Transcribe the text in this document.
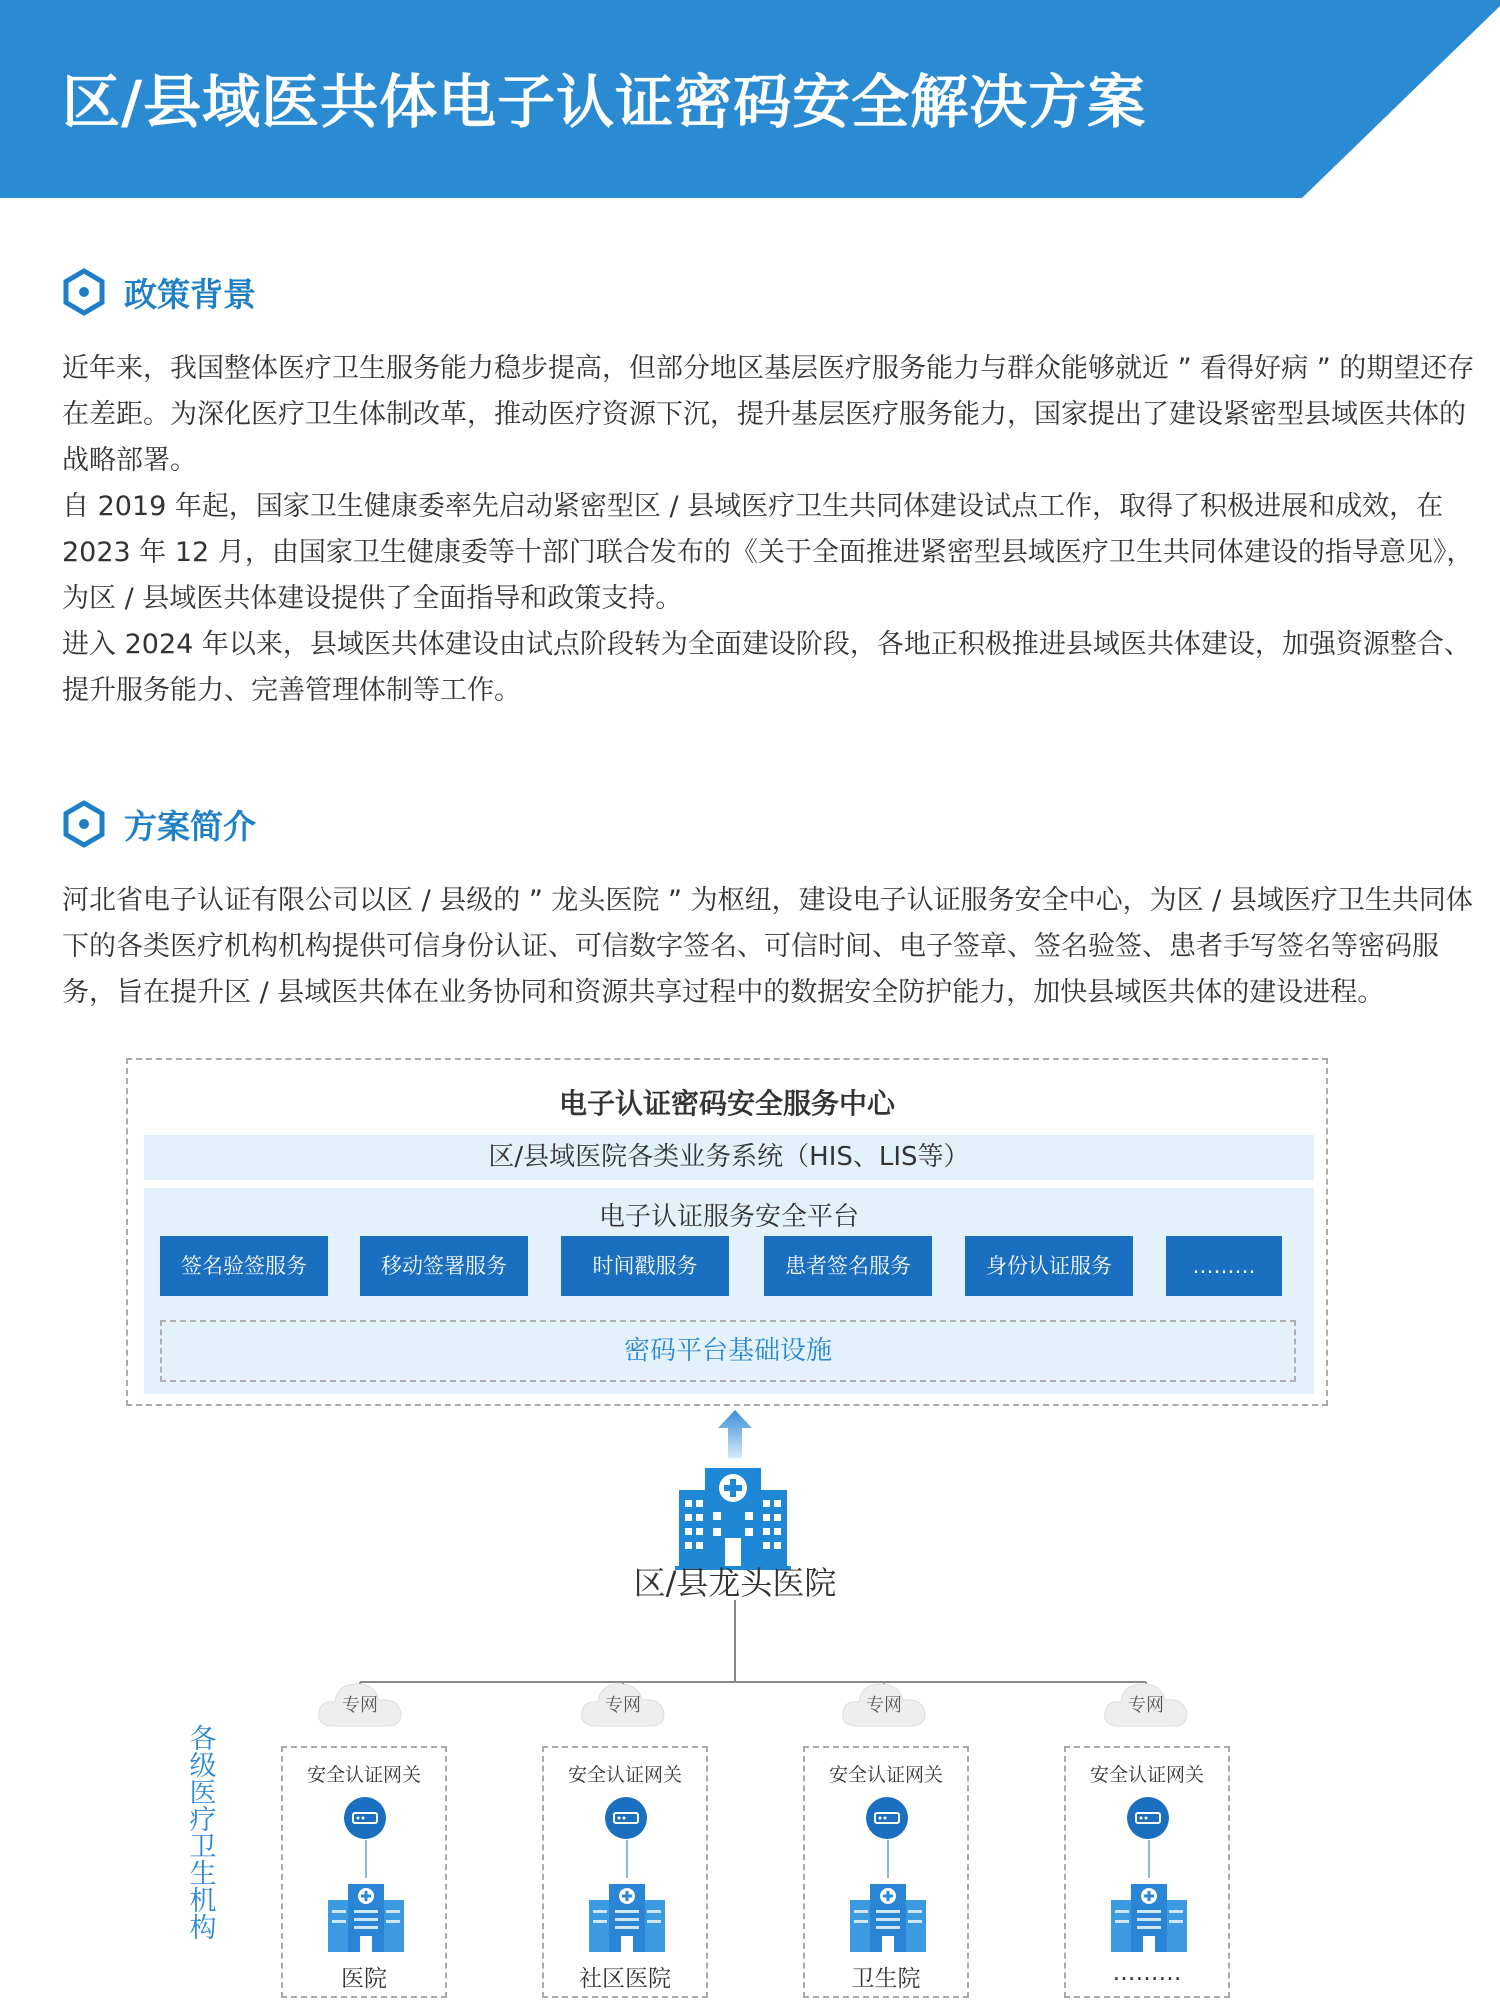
区/县域医共体电子认证密码安全解决方案
政策背景

近年来，我国整体医疗卫生服务能力稳步提高，但部分地区基层医疗服务能力与群众能够就近 ” 看得好病 ” 的期望还存在差距。为深化医疗卫生体制改革，推动医疗资源下沉，提升基层医疗服务能力，国家提出了建设紧密型县域医共体的战略部署。

自 2019 年起，国家卫生健康委率先启动紧密型区 / 县域医疗卫生共同体建设试点工作，取得了积极进展和成效，在 2023 年 12 月，由国家卫生健康委等十部门联合发布的《关于全面推进紧密型县域医疗卫生共同体建设的指导意见》，为区 / 县域医共体建设提供了全面指导和政策支持。

进入 2024 年以来，县域医共体建设由试点阶段转为全面建设阶段，各地正积极推进县域医共体建设，加强资源整合、提升服务能力、完善管理体制等工作。

方案简介

河北省电子认证有限公司以区 / 县级的 ” 龙头医院 ” 为枢纽，建设电子认证服务安全中心，为区 / 县域医疗卫生共同体下的各类医疗机构机构提供可信身份认证、可信数字签名、可信时间、电子签章、签名验签、患者手写签名等密码服务，旨在提升区 / 县域医共体在业务协同和资源共享过程中的数据安全防护能力，加快县域医共体的建设进程。

电子认证密码安全服务中心
区/县域医院各类业务系统（HIS、LIS等）
电子认证服务安全平台
签名验签服务	移动签署服务	时间戳服务	患者签名服务	身份认证服务	………
密码平台基础设施
区/县龙头医院
专网	专网	专网	专网
各
级
医
疗
卫
生
机
构
安全认证网关
医院
安全认证网关
社区医院
安全认证网关
卫生院
安全认证网关
………
